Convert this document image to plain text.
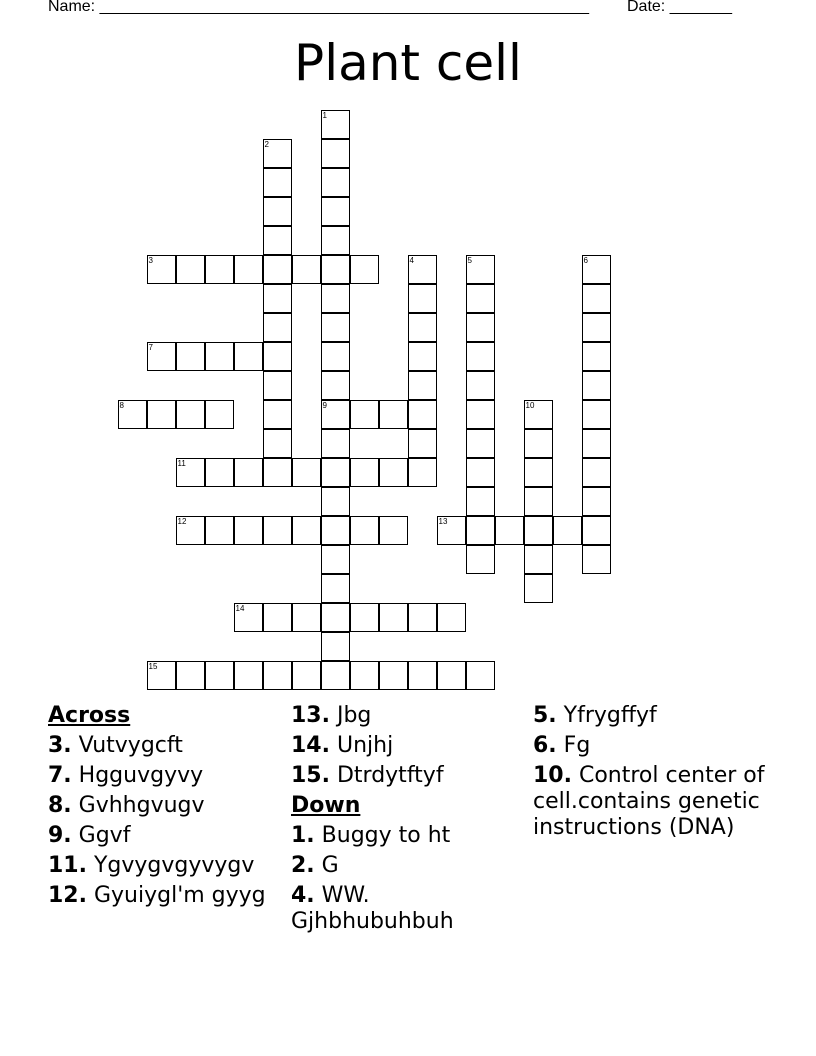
Name: _______________________________________________________ Date: _______
Plant cell
1
9
2
3	4	5	6
7
8	10
11
12	13
14
15
Across
3. Vutvygcft
7. Hgguvgyvy
8. Gvhhgvugv
9. Ggvf
11. Ygvygvgyvygv
12. Gyuiygl'm gyyg
13. Jbg
14. Unjhj
15. Dtrdytftyf
Down
1. Buggy to ht
2. G
4. WW. Gjhbhubuhbuh
5. Yfrygffyf
6. Fg
10. Control center of cell.contains genetic instructions (DNA)
